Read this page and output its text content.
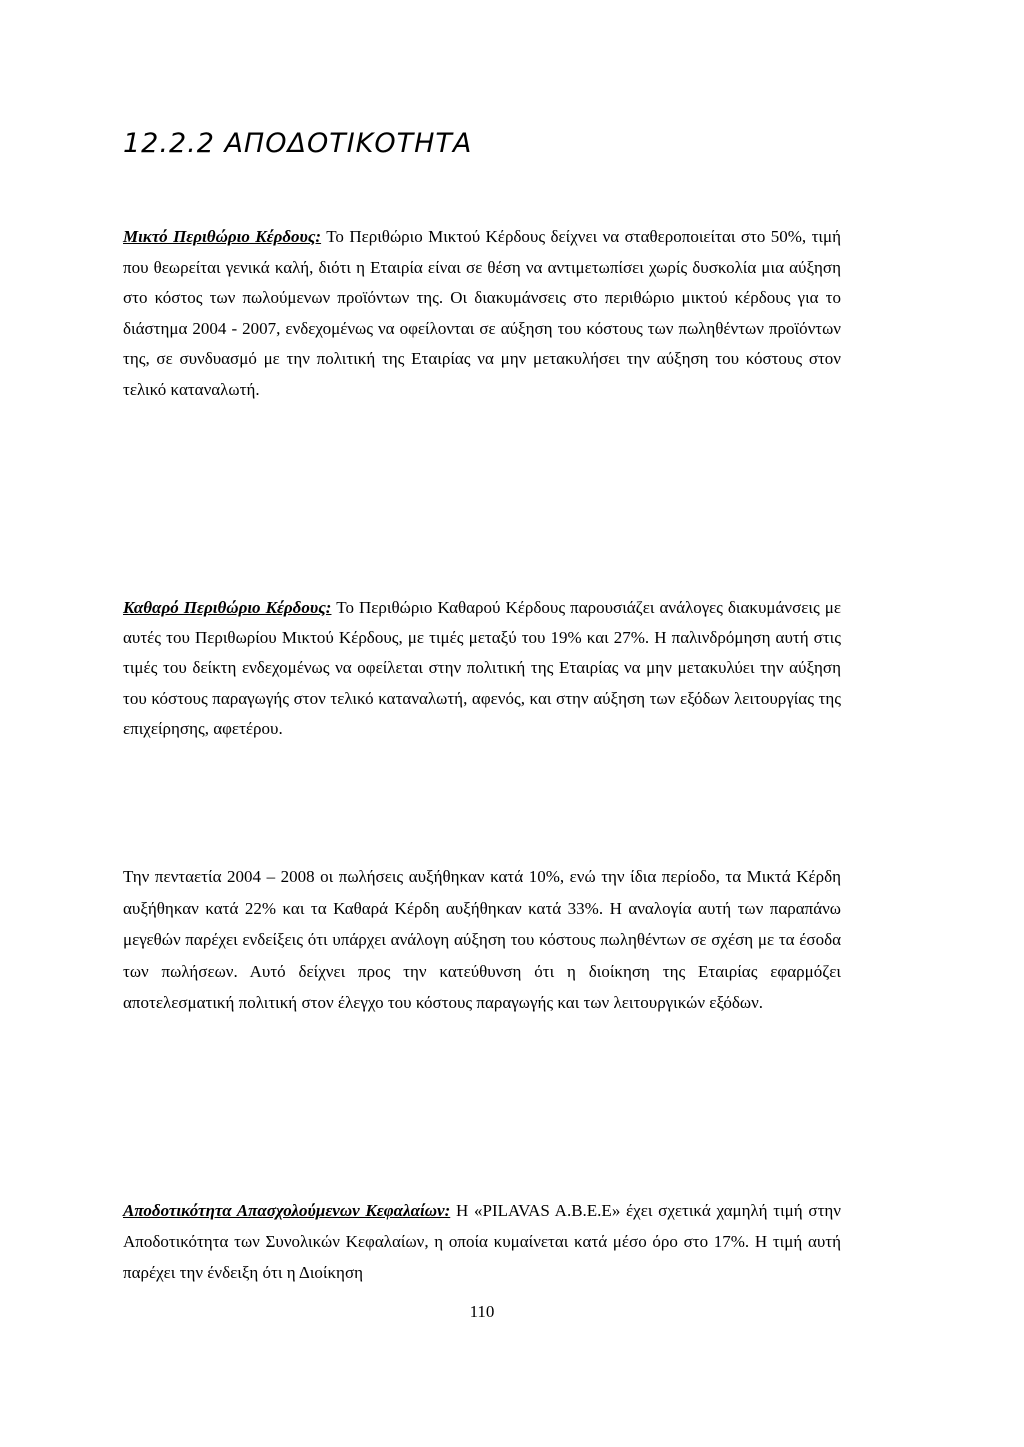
12.2.2 ΑΠΟΔΟΤΙΚΟΤΗΤΑ

Μικτό Περιθώριο Κέρδους: Το Περιθώριο Μικτού Κέρδους δείχνει να σταθεροποιείται στο 50%, τιμή που θεωρείται γενικά καλή, διότι η Εταιρία είναι σε θέση να αντιμετωπίσει χωρίς δυσκολία μια αύξηση στο κόστος των πωλούμενων προϊόντων της. Οι διακυμάνσεις στο περιθώριο μικτού κέρδους για το διάστημα 2004 - 2007, ενδεχομένως να οφείλονται σε αύξηση του κόστους των πωληθέντων προϊόντων της, σε συνδυασμό με την πολιτική της Εταιρίας να μην μετακυλήσει την αύξηση του κόστους στον τελικό καταναλωτή.

Καθαρό Περιθώριο Κέρδους: Το Περιθώριο Καθαρού Κέρδους παρουσιάζει ανάλογες διακυμάνσεις με αυτές του Περιθωρίου Μικτού Κέρδους, με τιμές μεταξύ του 19% και 27%. Η παλινδρόμηση αυτή στις τιμές του δείκτη ενδεχομένως να οφείλεται στην πολιτική της Εταιρίας να μην μετακυλύει την αύξηση του κόστους παραγωγής στον τελικό καταναλωτή, αφενός, και στην αύξηση των εξόδων λειτουργίας της επιχείρησης, αφετέρου.

Την πενταετία 2004 – 2008 οι πωλήσεις αυξήθηκαν κατά 10%, ενώ την ίδια περίοδο, τα Μικτά Κέρδη αυξήθηκαν κατά 22% και τα Καθαρά Κέρδη αυξήθηκαν κατά 33%. Η αναλογία αυτή των παραπάνω μεγεθών παρέχει ενδείξεις ότι υπάρχει ανάλογη αύξηση του κόστους πωληθέντων σε σχέση με τα έσοδα των πωλήσεων. Αυτό δείχνει προς την κατεύθυνση ότι η διοίκηση της Εταιρίας εφαρμόζει αποτελεσματική πολιτική στον έλεγχο του κόστους παραγωγής και των λειτουργικών εξόδων.

Αποδοτικότητα Απασχολούμενων Κεφαλαίων: Η «PILAVAS A.B.E.E» έχει σχετικά χαμηλή τιμή στην Αποδοτικότητα των Συνολικών Κεφαλαίων, η οποία κυμαίνεται κατά μέσο όρο στο 17%. Η τιμή αυτή παρέχει την ένδειξη ότι η Διοίκηση

110
